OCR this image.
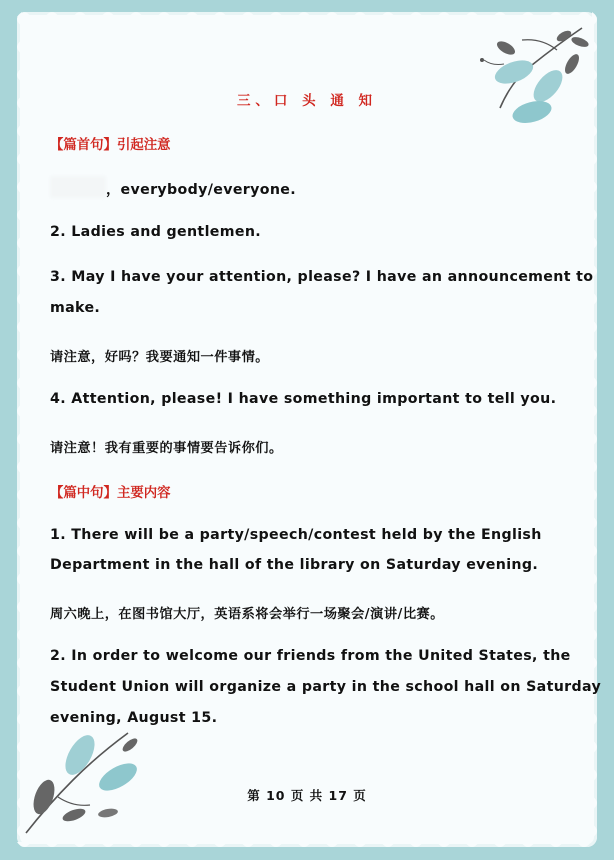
三、口 头 通 知
【篇首句】引起注意
，everybody/everyone.
2. Ladies and gentlemen.
3. May I have your attention, please? I have an announcement to
make.
请注意，好吗？我要通知一件事情。
4. Attention, please! I have something important to tell you.
请注意！我有重要的事情要告诉你们。
【篇中句】主要内容
1. There will be a party/speech/contest held by the English
Department in the hall of the library on Saturday evening.
周六晚上，在图书馆大厅，英语系将会举行一场聚会/演讲/比赛。
2. In order to welcome our friends from the United States, the
Student Union will organize a party in the school hall on Saturday
evening, August 15.
第 10 页 共 17 页
